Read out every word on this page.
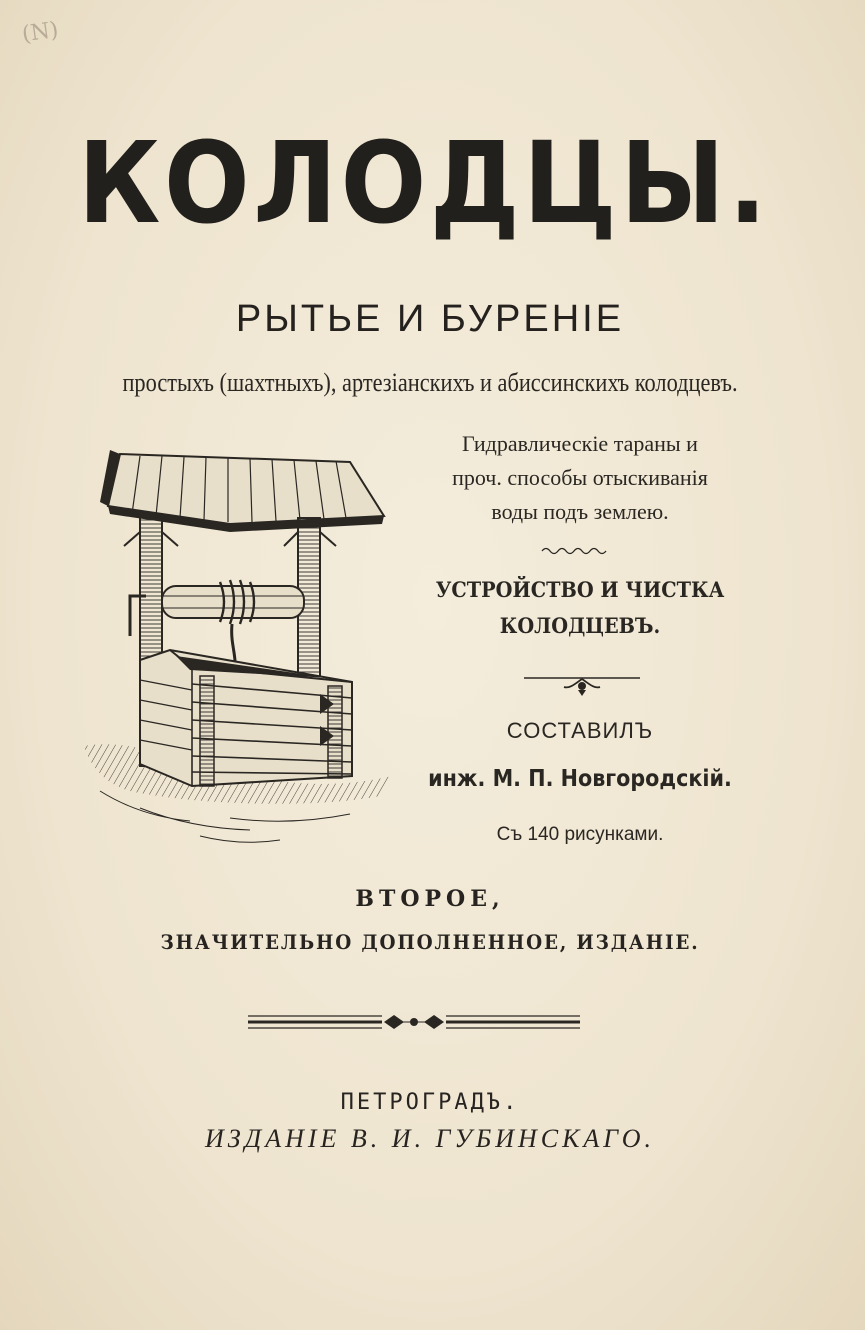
(N)
КОЛОДЦЫ.
РЫТЬЕ И БУРЕНІЕ
простыхъ (шахтныхъ), артезіанскихъ и абиссинскихъ колодцевъ.
Гидравлическіе тараны и
проч. способы отыскиванія
воды подъ землею.
УСТРОЙСТВО И ЧИСТКА
КОЛОДЦЕВЪ.
СОСТАВИЛЪ
инж. М. П. Новгородскій.
Съ 140 рисунками.
ВТОРОЕ,
ЗНАЧИТЕЛЬНО ДОПОЛНЕННОЕ, ИЗДАНІЕ.
ПЕТРОГРАДЪ.
ИЗДАНІЕ В. И. ГУБИНСКАГО.
